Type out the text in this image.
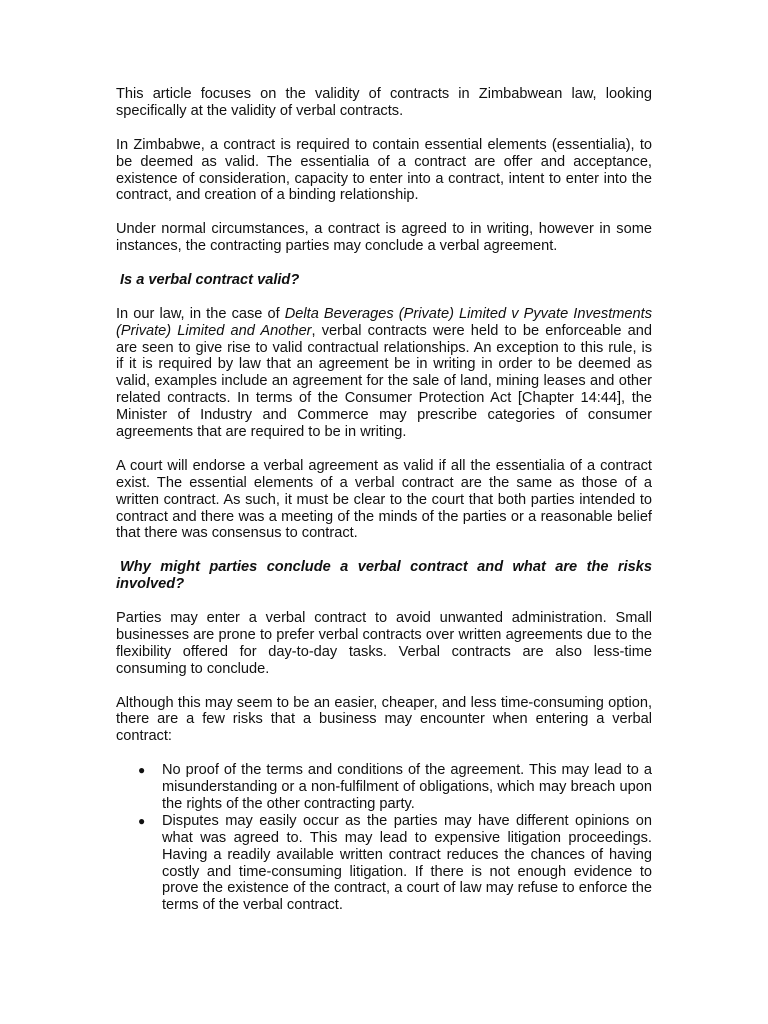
This article focuses on the validity of contracts in Zimbabwean law, looking specifically at the validity of verbal contracts.

In Zimbabwe, a contract is required to contain essential elements (essentialia), to be deemed as valid. The essentialia of a contract are offer and acceptance, existence of consideration, capacity to enter into a contract, intent to enter into the contract, and creation of a binding relationship.

Under normal circumstances, a contract is agreed to in writing, however in some instances, the contracting parties may conclude a verbal agreement.

Is a verbal contract valid?

In our law, in the case of Delta Beverages (Private) Limited v Pyvate Investments (Private) Limited and Another, verbal contracts were held to be enforceable and are seen to give rise to valid contractual relationships. An exception to this rule, is if it is required by law that an agreement be in writing in order to be deemed as valid, examples include an agreement for the sale of land, mining leases and other related contracts. In terms of the Consumer Protection Act [Chapter 14:44], the Minister of Industry and Commerce may prescribe categories of consumer agreements that are required to be in writing.

A court will endorse a verbal agreement as valid if all the essentialia of a contract exist. The essential elements of a verbal contract are the same as those of a written contract. As such, it must be clear to the court that both parties intended to contract and there was a meeting of the minds of the parties or a reasonable belief that there was consensus to contract.

Why might parties conclude a verbal contract and what are the risks involved?

Parties may enter a verbal contract to avoid unwanted administration. Small businesses are prone to prefer verbal contracts over written agreements due to the flexibility offered for day-to-day tasks. Verbal contracts are also less-time consuming to conclude.

Although this may seem to be an easier, cheaper, and less time-consuming option, there are a few risks that a business may encounter when entering a verbal contract:

● No proof of the terms and conditions of the agreement. This may lead to a misunderstanding or a non-fulfilment of obligations, which may breach upon the rights of the other contracting party.
● Disputes may easily occur as the parties may have different opinions on what was agreed to. This may lead to expensive litigation proceedings. Having a readily available written contract reduces the chances of having costly and time-consuming litigation. If there is not enough evidence to prove the existence of the contract, a court of law may refuse to enforce the terms of the verbal contract.
